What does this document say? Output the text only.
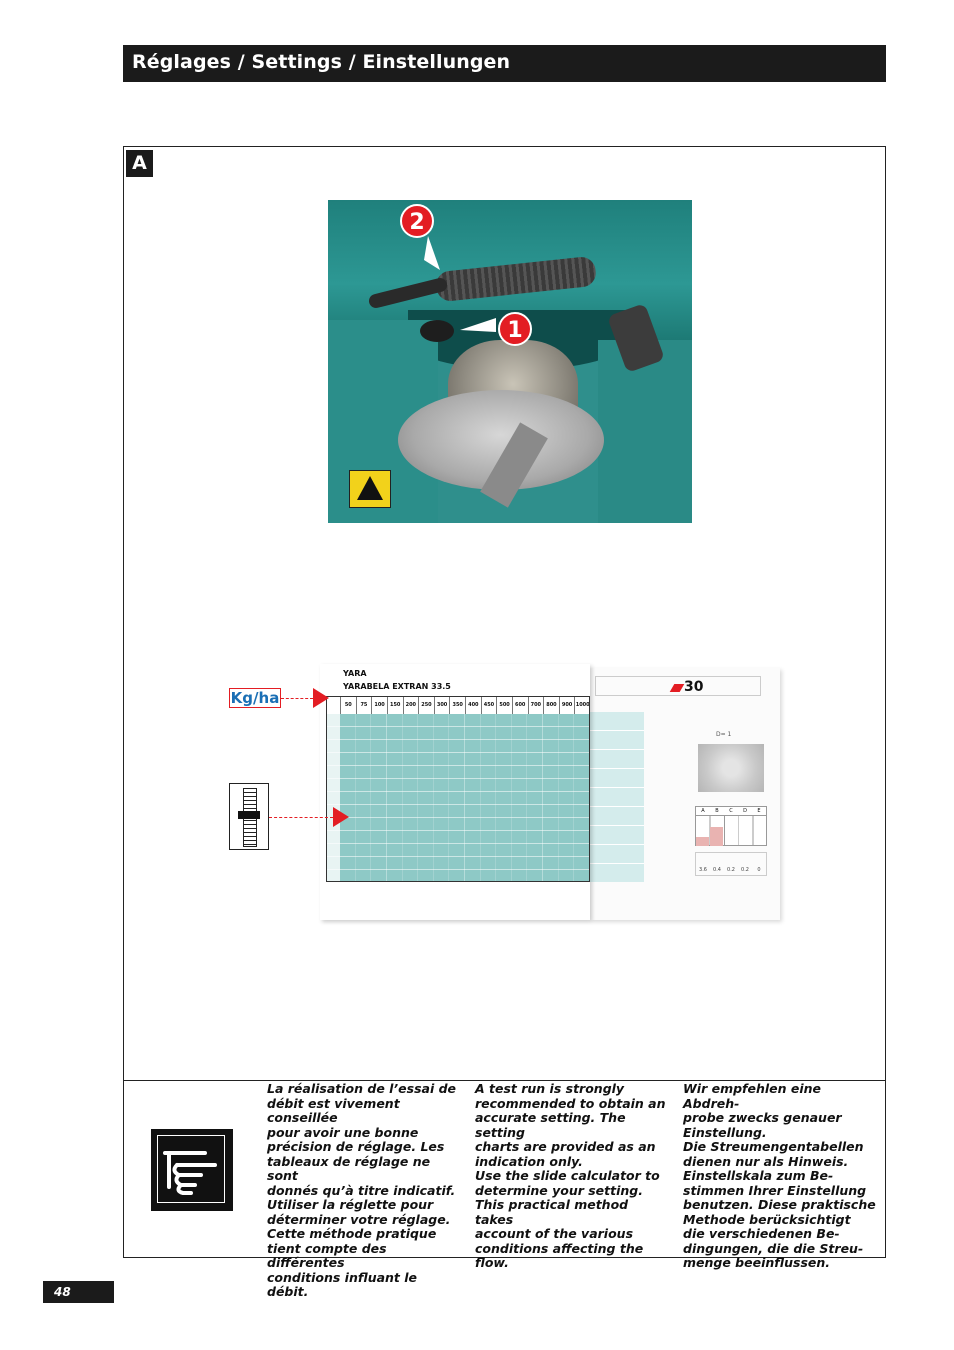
Réglages / Settings / Einstellungen
A
2
1
30
D= 1
A	B	C	D	E
3.6	0.4	0.2	0.2	0
YARA
YARABELA EXTRAN 33.5
50	75	100	150	200	250	300	350	400	450	500	600	700	800	900 1000
Kg/ha

La réalisation de l’essai de
débit est vivement conseillée
pour avoir une bonne
précision de réglage. Les
tableaux de réglage ne sont
donnés qu’à titre indicatif.
Utiliser la réglette pour
déterminer votre réglage.
Cette méthode pratique
tient compte des différentes
conditions influant le débit.

A test run is strongly
recommended to obtain an
accurate setting. The setting
charts are provided as an
indication only.
Use the slide calculator to
determine your setting.
This practical method takes
account of the various
conditions affecting the
flow.

Wir empfehlen eine Abdreh-
probe zwecks genauer
Einstellung.
Die Streumengentabellen
dienen nur als Hinweis.
Einstellskala zum Be-
stimmen Ihrer Einstellung
benutzen. Diese praktische
Methode berücksichtigt
die verschiedenen Be-
dingungen, die die Streu-
menge beeinflussen.

48
